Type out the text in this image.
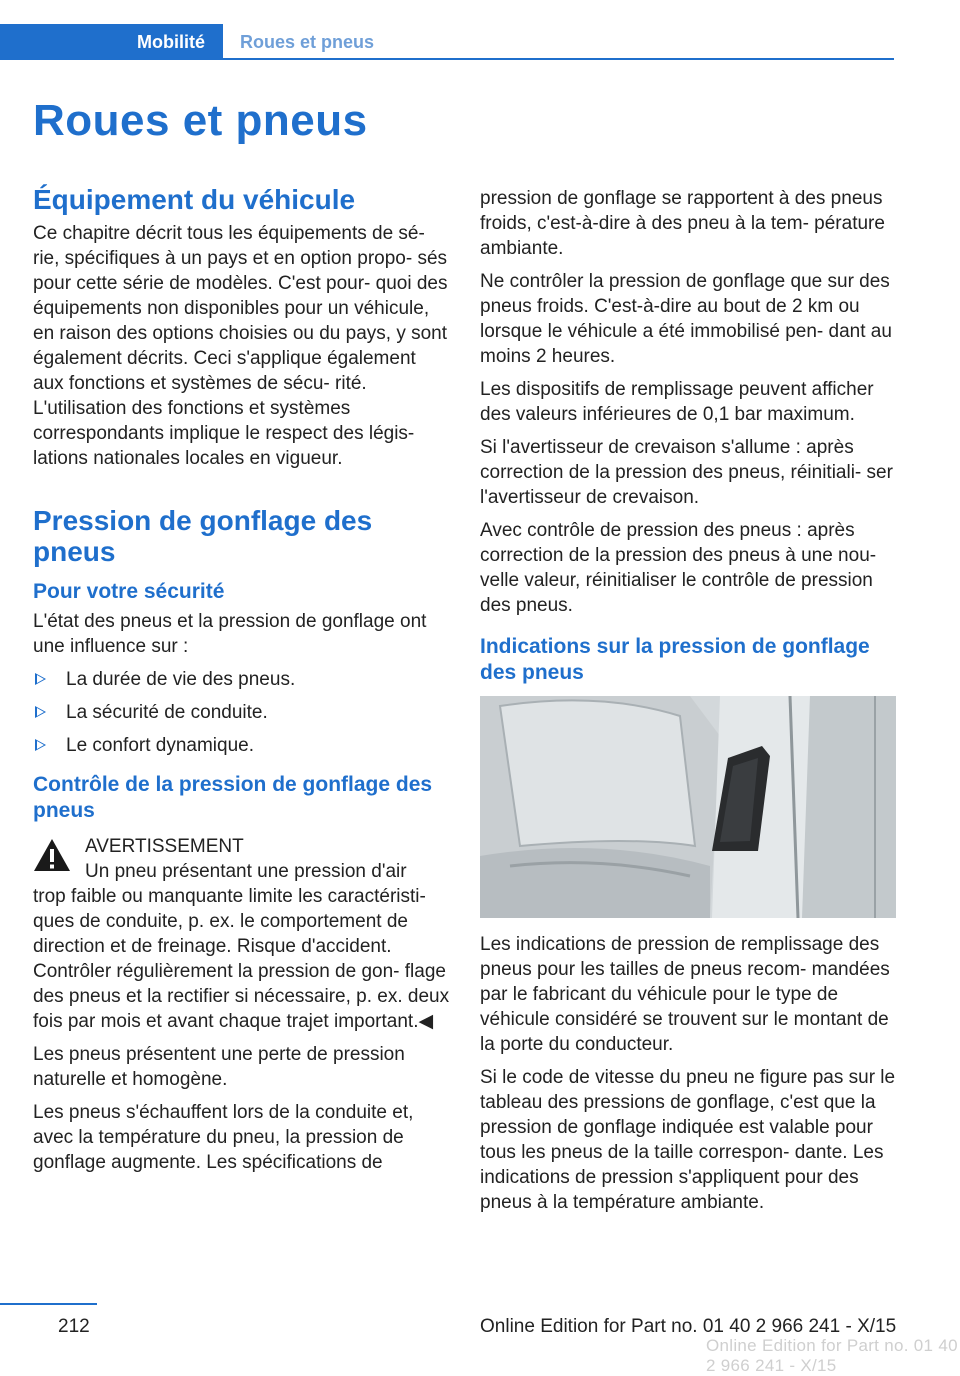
Mobilité	Roues et pneus
Roues et pneus
Équipement du véhicule

Ce chapitre décrit tous les équipements de sé‐ rie, spécifiques à un pays et en option propo‐ sés pour cette série de modèles. C'est pour‐ quoi des équipements non disponibles pour un véhicule, en raison des options choisies ou du pays, y sont également décrits. Ceci s'applique également aux fonctions et systèmes de sécu‐ rité. L'utilisation des fonctions et systèmes correspondants implique le respect des légis‐ lations nationales locales en vigueur.

Pression de gonflage des pneus
Pour votre sécurité

L'état des pneus et la pression de gonflage ont une influence sur :

La durée de vie des pneus.
La sécurité de conduite.
Le confort dynamique.
Contrôle de la pression de gonflage des pneus
AVERTISSEMENT

Un pneu présentant une pression d'air
trop faible ou manquante limite les caractéristi‐ ques de conduite, p. ex. le comportement de direction et de freinage. Risque d'accident. Contrôler régulièrement la pression de gon‐ flage des pneus et la rectifier si nécessaire, p. ex. deux fois par mois et avant chaque trajet important.◀

Les pneus présentent une perte de pression naturelle et homogène.

Les pneus s'échauffent lors de la conduite et, avec la température du pneu, la pression de gonflage augmente. Les spécifications de

pression de gonflage se rapportent à des pneus froids, c'est-à-dire à des pneu à la tem‐ pérature ambiante.

Ne contrôler la pression de gonflage que sur des pneus froids. C'est-à-dire au bout de 2 km ou lorsque le véhicule a été immobilisé pen‐ dant au moins 2 heures.

Les dispositifs de remplissage peuvent afficher des valeurs inférieures de 0,1 bar maximum.

Si l'avertisseur de crevaison s'allume : après correction de la pression des pneus, réinitiali‐ ser l'avertisseur de crevaison.

Avec contrôle de pression des pneus : après correction de la pression des pneus à une nou‐ velle valeur, réinitialiser le contrôle de pression des pneus.

Indications sur la pression de gonflage des pneus

Les indications de pression de remplissage des pneus pour les tailles de pneus recom‐ mandées par le fabricant du véhicule pour le type de véhicule considéré se trouvent sur le montant de la porte du conducteur.

Si le code de vitesse du pneu ne figure pas sur le tableau des pressions de gonflage, c'est que la pression de gonflage indiquée est valable pour tous les pneus de la taille correspon‐ dante. Les indications de pression s'appliquent pour des pneus à la température ambiante.

212	Online Edition for Part no. 01 40 2 966 241 - X/15
Online Edition for Part no. 01 40 2 966 241 - X/15
